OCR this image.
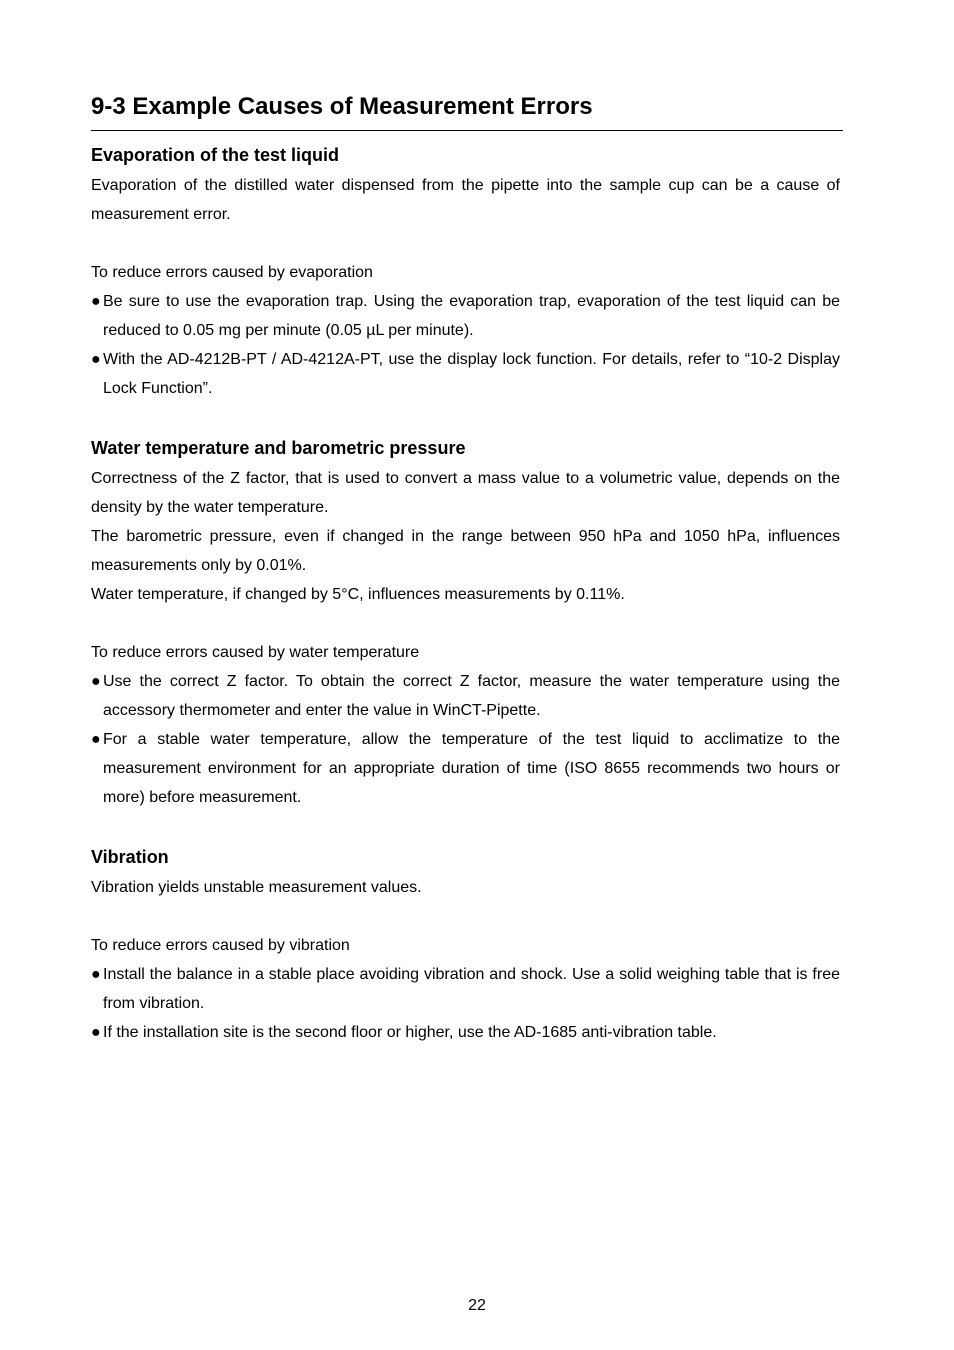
9-3 Example Causes of Measurement Errors
Evaporation of the test liquid

Evaporation of the distilled water dispensed from the pipette into the sample cup can be a cause of measurement error.

To reduce errors caused by evaporation

● Be sure to use the evaporation trap. Using the evaporation trap, evaporation of the test liquid can be reduced to 0.05 mg per minute (0.05 µL per minute).
● With the AD-4212B-PT / AD-4212A-PT, use the display lock function. For details, refer to “10-2 Display Lock Function”.
Water temperature and barometric pressure

Correctness of the Z factor, that is used to convert a mass value to a volumetric value, depends on the density by the water temperature.

The barometric pressure, even if changed in the range between 950 hPa and 1050 hPa, influences measurements only by 0.01%.

Water temperature, if changed by 5°C, influences measurements by 0.11%.

To reduce errors caused by water temperature

● Use the correct Z factor. To obtain the correct Z factor, measure the water temperature using the accessory thermometer and enter the value in WinCT-Pipette.
● For a stable water temperature, allow the temperature of the test liquid to acclimatize to the measurement environment for an appropriate duration of time (ISO 8655 recommends two hours or more) before measurement.
Vibration

Vibration yields unstable measurement values.

To reduce errors caused by vibration

● Install the balance in a stable place avoiding vibration and shock. Use a solid weighing table that is free from vibration.
● If the installation site is the second floor or higher, use the AD-1685 anti-vibration table.
22
